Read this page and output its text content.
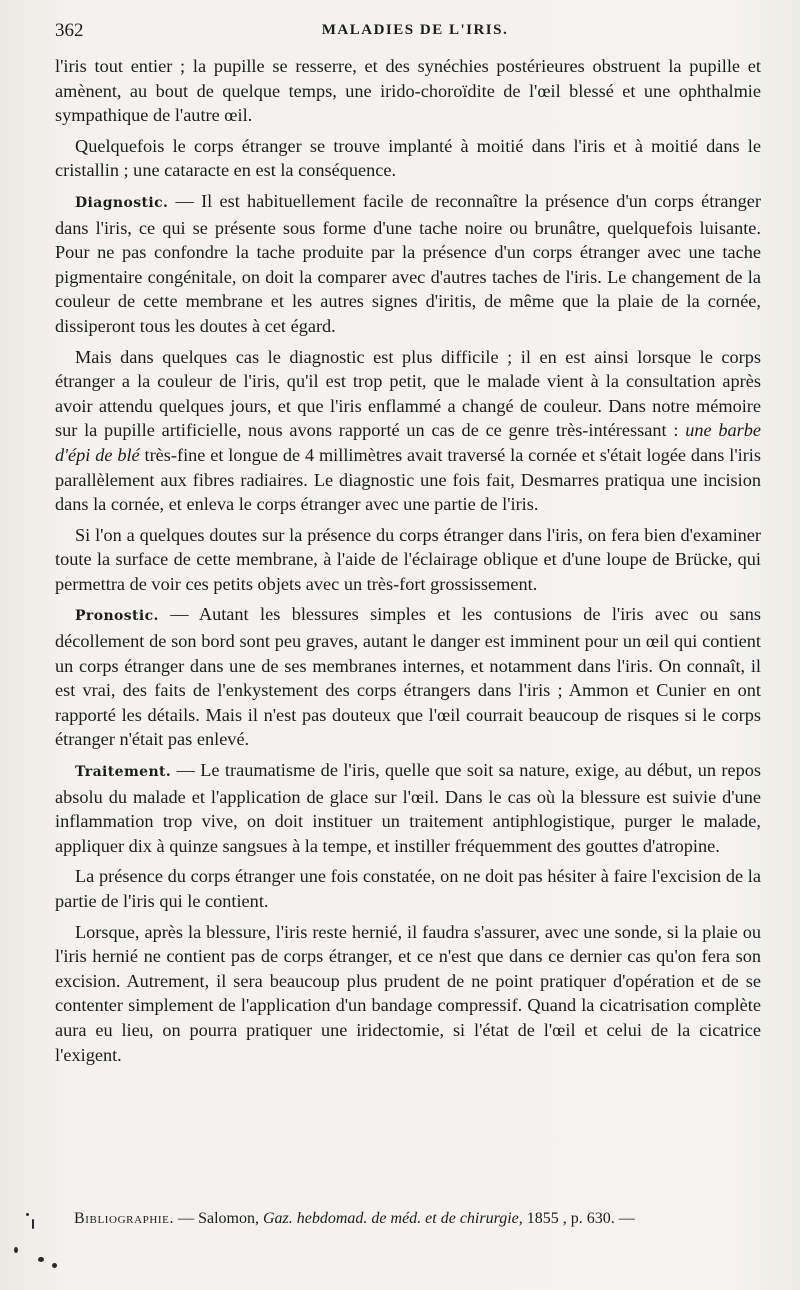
362	MALADIES DE L'IRIS.

l'iris tout entier ; la pupille se resserre, et des synéchies postérieures obstruent la pupille et amènent, au bout de quelque temps, une irido-choroïdite de l'œil blessé et une ophthalmie sympathique de l'autre œil.

Quelquefois le corps étranger se trouve implanté à moitié dans l'iris et à moitié dans le cristallin ; une cataracte en est la conséquence.

Diagnostic. — Il est habituellement facile de reconnaître la présence d'un corps étranger dans l'iris, ce qui se présente sous forme d'une tache noire ou brunâtre, quelquefois luisante. Pour ne pas confondre la tache produite par la présence d'un corps étranger avec une tache pigmentaire congénitale, on doit la comparer avec d'autres taches de l'iris. Le changement de la couleur de cette membrane et les autres signes d'iritis, de même que la plaie de la cornée, dissiperont tous les doutes à cet égard.

Mais dans quelques cas le diagnostic est plus difficile ; il en est ainsi lorsque le corps étranger a la couleur de l'iris, qu'il est trop petit, que le malade vient à la consultation après avoir attendu quelques jours, et que l'iris enflammé a changé de couleur. Dans notre mémoire sur la pupille artificielle, nous avons rapporté un cas de ce genre très-intéressant : une barbe d'épi de blé très-fine et longue de 4 millimètres avait traversé la cornée et s'était logée dans l'iris parallèlement aux fibres radiaires. Le diagnostic une fois fait, Desmarres pratiqua une incision dans la cornée, et enleva le corps étranger avec une partie de l'iris.

Si l'on a quelques doutes sur la présence du corps étranger dans l'iris, on fera bien d'examiner toute la surface de cette membrane, à l'aide de l'éclairage oblique et d'une loupe de Brücke, qui permettra de voir ces petits objets avec un très-fort grossissement.

Pronostic. — Autant les blessures simples et les contusions de l'iris avec ou sans décollement de son bord sont peu graves, autant le danger est imminent pour un œil qui contient un corps étranger dans une de ses membranes internes, et notamment dans l'iris. On connaît, il est vrai, des faits de l'enkystement des corps étrangers dans l'iris ; Ammon et Cunier en ont rapporté les détails. Mais il n'est pas douteux que l'œil courrait beaucoup de risques si le corps étranger n'était pas enlevé.

Traitement. — Le traumatisme de l'iris, quelle que soit sa nature, exige, au début, un repos absolu du malade et l'application de glace sur l'œil. Dans le cas où la blessure est suivie d'une inflammation trop vive, on doit instituer un traitement antiphlogistique, purger le malade, appliquer dix à quinze sangsues à la tempe, et instiller fréquemment des gouttes d'atropine.

La présence du corps étranger une fois constatée, on ne doit pas hésiter à faire l'excision de la partie de l'iris qui le contient.

Lorsque, après la blessure, l'iris reste hernié, il faudra s'assurer, avec une sonde, si la plaie ou l'iris hernié ne contient pas de corps étranger, et ce n'est que dans ce dernier cas qu'on fera son excision. Autrement, il sera beaucoup plus prudent de ne point pratiquer d'opération et de se contenter simplement de l'application d'un bandage compressif. Quand la cicatrisation complète aura eu lieu, on pourra pratiquer une iridectomie, si l'état de l'œil et celui de la cicatrice l'exigent.

Bibliographie. — Salomon, Gaz. hebdomad. de méd. et de chirurgie, 1855 , p. 630. —
